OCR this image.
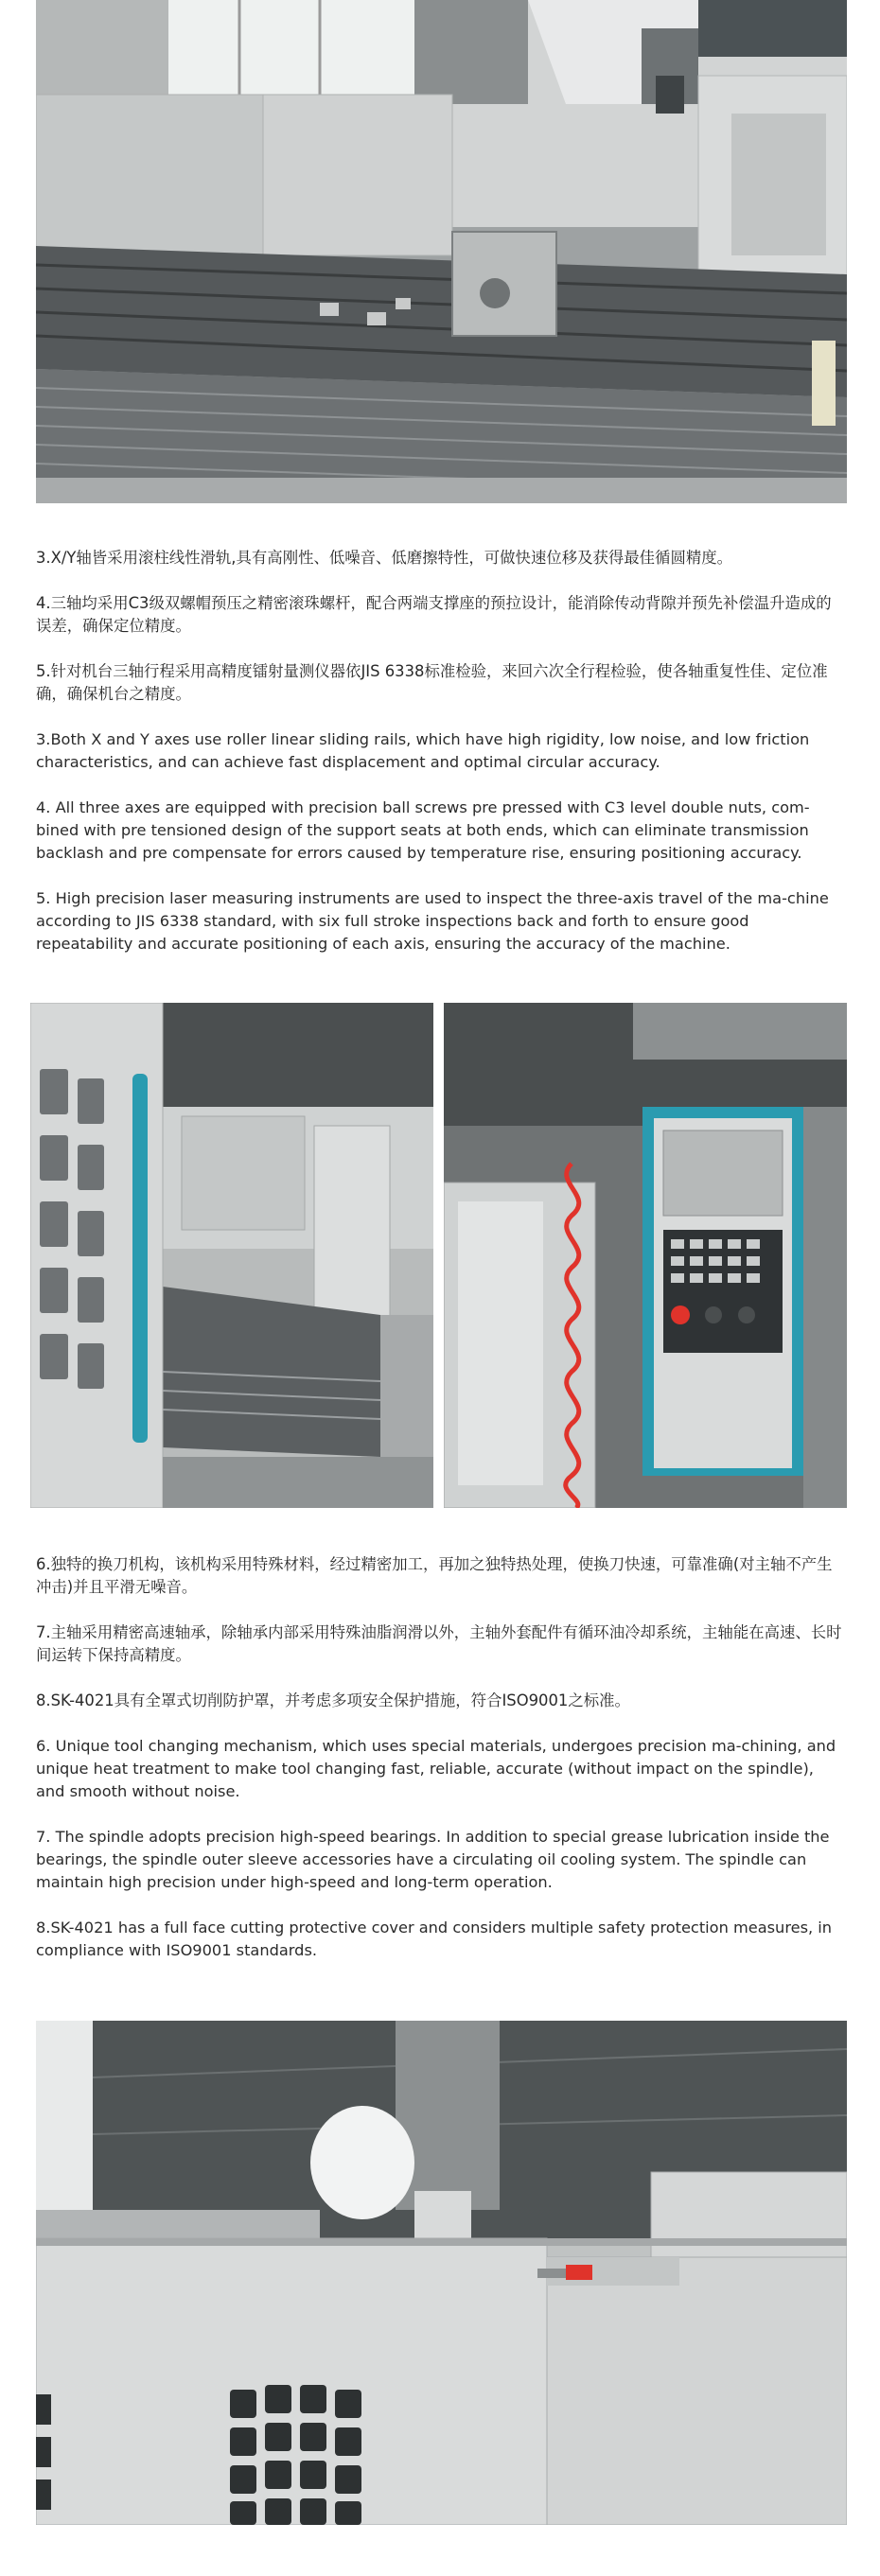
3.X/Y轴皆采用滚柱线性滑轨,具有高刚性、低噪音、低磨擦特性，可做快速位移及获得最佳循圆精度。

4.三轴均采用C3级双螺帽预压之精密滚珠螺杆，配合两端支撑座的预拉设计，能消除传动背隙并预先补偿温升造成的误差，确保定位精度。

5.针对机台三轴行程采用高精度镭射量测仪器依JIS 6338标准检验，来回六次全行程检验，使各轴重复性佳、定位准确，确保机台之精度。

3.Both X and Y axes use roller linear sliding rails, which have high rigidity, low noise, and low friction characteristics, and can achieve fast displacement and optimal circular accuracy.

4. All three axes are equipped with precision ball screws pre pressed with C3 level double nuts, com-bined with pre tensioned design of the support seats at both ends, which can eliminate transmission backlash and pre compensate for errors caused by temperature rise, ensuring positioning accuracy.

5. High precision laser measuring instruments are used to inspect the three-axis travel of the ma-chine according to JIS 6338 standard, with six full stroke inspections back and forth to ensure good repeatability and accurate positioning of each axis, ensuring the accuracy of the machine.

6.独特的换刀机构，该机构采用特殊材料，经过精密加工，再加之独特热处理，使换刀快速，可靠准确(对主轴不产生冲击)并且平滑无噪音。

7.主轴采用精密高速轴承，除轴承内部采用特殊油脂润滑以外，主轴外套配件有循环油冷却系统，主轴能在高速、长时间运转下保持高精度。

8.SK-4021具有全罩式切削防护罩，并考虑多项安全保护措施，符合ISO9001之标准。

6. Unique tool changing mechanism, which uses special materials, undergoes precision ma-chining, and unique heat treatment to make tool changing fast, reliable, accurate (without impact on the spindle), and smooth without noise.

7. The spindle adopts precision high-speed bearings. In addition to special grease lubrication inside the bearings, the spindle outer sleeve accessories have a circulating oil cooling system. The spindle can maintain high precision under high-speed and long-term operation.

8.SK-4021 has a full face cutting protective cover and considers multiple safety protection measures, in compliance with ISO9001 standards.
